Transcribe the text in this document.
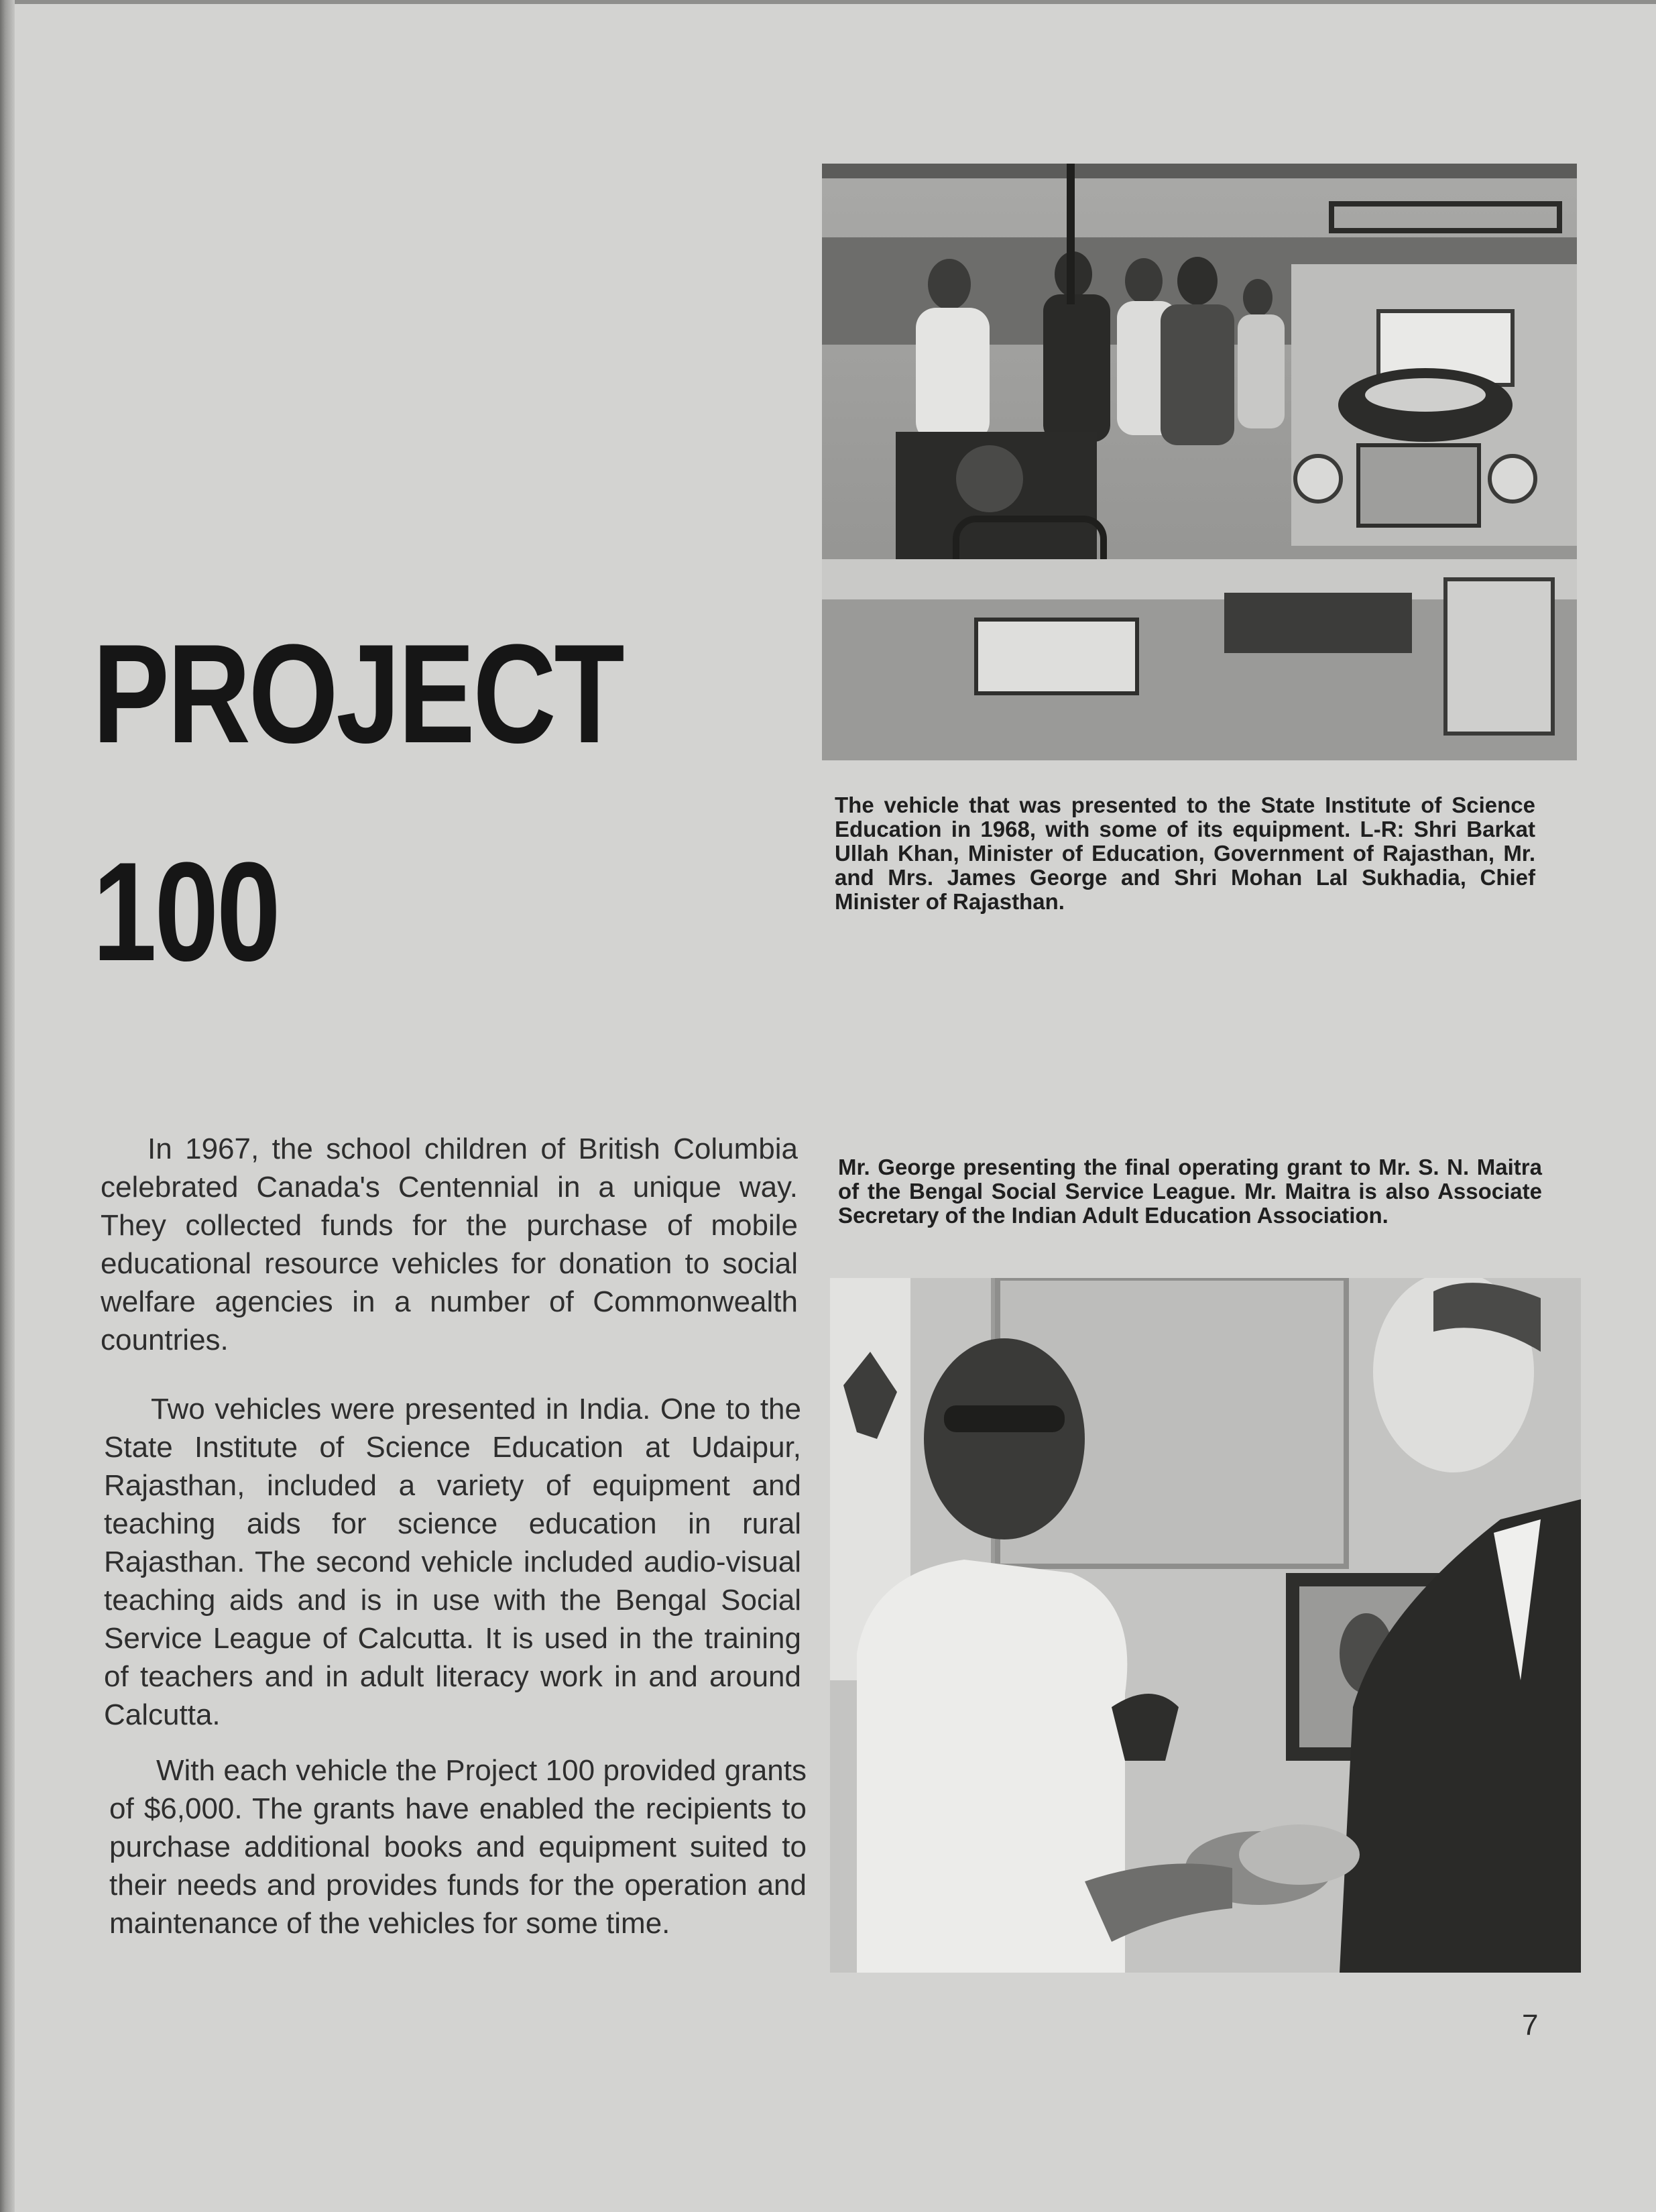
PROJECT
100

The vehicle that was presented to the State Institute of Science Education in 1968, with some of its equipment. L-R: Shri Barkat Ullah Khan, Minister of Education, Government of Rajasthan, Mr. and Mrs. James George and Shri Mohan Lal Sukhadia, Chief Minister of Rajasthan.

In 1967, the school children of British Columbia celebrated Canada's Centennial in a unique way. They collected funds for the purchase of mobile educational resource vehicles for donation to social welfare agencies in a number of Commonwealth countries.

Two vehicles were presented in India. One to the State Institute of Science Education at Udaipur, Rajasthan, included a variety of equipment and teaching aids for science education in rural Rajasthan. The second vehicle included audio-visual teaching aids and is in use with the Bengal Social Service League of Calcutta. It is used in the training of teachers and in adult literacy work in and around Calcutta.

With each vehicle the Project 100 provided grants of $6,000. The grants have enabled the recipients to purchase additional books and equipment suited to their needs and provides funds for the operation and maintenance of the vehicles for some time.

Mr. George presenting the final operating grant to Mr. S. N. Maitra of the Bengal Social Service League. Mr. Maitra is also Associate Secretary of the Indian Adult Education Association.

7
